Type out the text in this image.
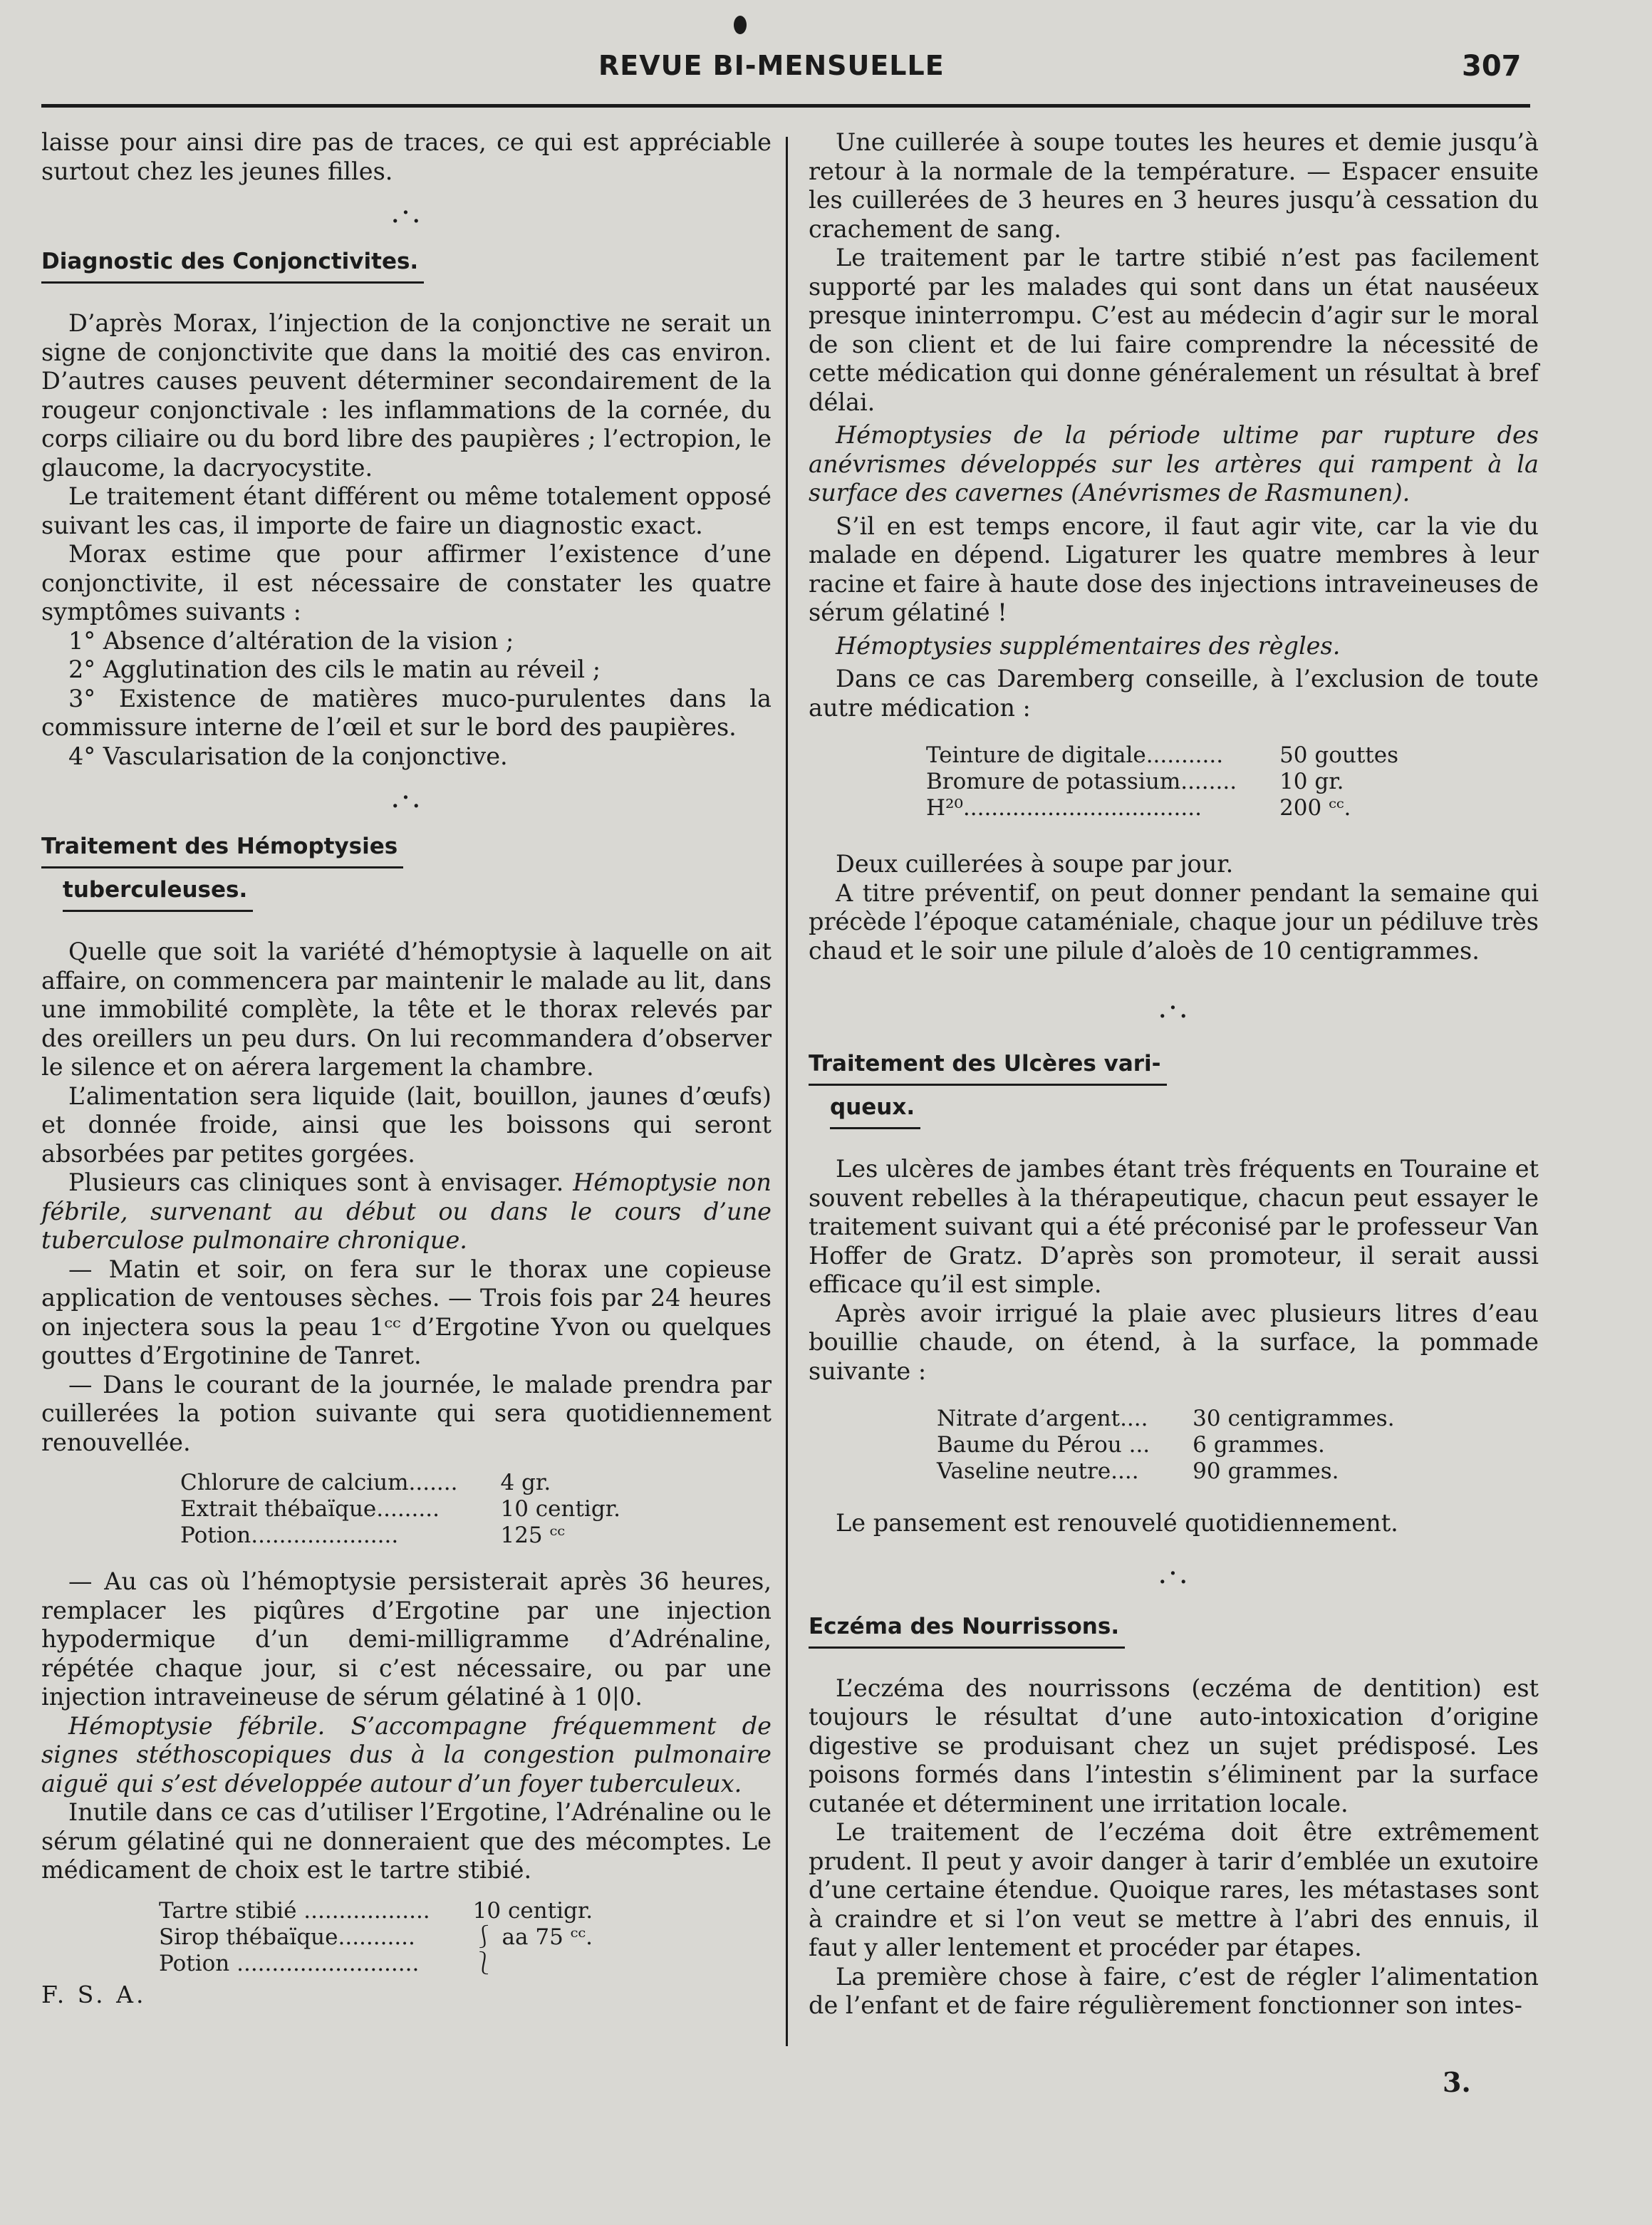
REVUE BI-MENSUELLE	307

laisse pour ainsi dire pas de traces, ce qui est appréciable surtout chez les jeunes filles.

.·.
Diagnostic des Conjonctivites.

D’après Morax, l’injection de la conjonctive ne serait un signe de conjonctivite que dans la moitié des cas environ. D’autres causes peuvent déterminer secondairement de la rougeur conjonctivale : les inflammations de la cornée, du corps ciliaire ou du bord libre des paupières ; l’ectropion, le glaucome, la dacryocystite.

Le traitement étant différent ou même totalement opposé suivant les cas, il importe de faire un diagnostic exact.

Morax estime que pour affirmer l’existence d’une conjonctivite, il est nécessaire de constater les quatre symptômes suivants :

1° Absence d’altération de la vision ;

2° Agglutination des cils le matin au réveil ;

3° Existence de matières muco-purulentes dans la commissure interne de l’œil et sur le bord des paupières.

4° Vascularisation de la conjonctive.

.·.
Traitement des Hémoptysies
tuberculeuses.

Quelle que soit la variété d’hémoptysie à laquelle on ait affaire, on commencera par maintenir le malade au lit, dans une immobilité complète, la tête et le thorax relevés par des oreillers un peu durs. On lui recommandera d’observer le silence et on aérera largement la chambre.

L’alimentation sera liquide (lait, bouillon, jaunes d’œufs) et donnée froide, ainsi que les boissons qui seront absorbées par petites gorgées.

Plusieurs cas cliniques sont à envisager. Hémoptysie non fébrile, survenant au début ou dans le cours d’une tuberculose pulmonaire chronique.

— Matin et soir, on fera sur le thorax une copieuse application de ventouses sèches. — Trois fois par 24 heures on injectera sous la peau 1ᶜᶜ d’Ergotine Yvon ou quelques gouttes d’Ergotinine de Tanret.

— Dans le courant de la journée, le malade prendra par cuillerées la potion suivante qui sera quotidiennement renouvellée.

Chlorure de calcium.......	4 gr.
Extrait thébaïque.........	10 centigr.
Potion.....................	125 ᶜᶜ

— Au cas où l’hémoptysie persisterait après 36 heures, remplacer les piqûres d’Ergotine par une injection hypodermique d’un demi-milligramme d’Adrénaline, répétée chaque jour, si c’est nécessaire, ou par une injection intraveineuse de sérum gélatiné à 1 0|0.

Hémoptysie fébrile. S’accompagne fréquemment de signes stéthoscopiques dus à la congestion pulmonaire aiguë qui s’est développée autour d’un foyer tuberculeux.

Inutile dans ce cas d’utiliser l’Ergotine, l’Adrénaline ou le sérum gélatiné qui ne donneraient que des mécomptes. Le médicament de choix est le tartre stibié.

Tartre stibié ..................	10 centigr.
Sirop thébaïque...........	⎰ aa 75 ᶜᶜ.
Potion ..........................	⎱
F. S. A.

Une cuillerée à soupe toutes les heures et demie jusqu’à retour à la normale de la température. — Espacer ensuite les cuillerées de 3 heures en 3 heures jusqu’à cessation du crachement de sang.

Le traitement par le tartre stibié n’est pas facilement supporté par les malades qui sont dans un état nauséeux presque ininterrompu. C’est au médecin d’agir sur le moral de son client et de lui faire comprendre la nécessité de cette médication qui donne généralement un résultat à bref délai.

Hémoptysies de la période ultime par rupture des anévrismes développés sur les artères qui rampent à la surface des cavernes (Anévrismes de Rasmunen).

S’il en est temps encore, il faut agir vite, car la vie du malade en dépend. Ligaturer les quatre membres à leur racine et faire à haute dose des injections intraveineuses de sérum gélatiné !

Hémoptysies supplémentaires des règles.

Dans ce cas Daremberg conseille, à l’exclusion de toute autre médication :

Teinture de digitale...........	50 gouttes
Bromure de potassium........	10 gr.
H²⁰..................................	200 ᶜᶜ.

Deux cuillerées à soupe par jour.

A titre préventif, on peut donner pendant la semaine qui précède l’époque cataméniale, chaque jour un pédiluve très chaud et le soir une pilule d’aloès de 10 centigrammes.

.·.
Traitement des Ulcères vari-
queux.

Les ulcères de jambes étant très fréquents en Touraine et souvent rebelles à la thérapeutique, chacun peut essayer le traitement suivant qui a été préconisé par le professeur Van Hoffer de Gratz. D’après son promoteur, il serait aussi efficace qu’il est simple.

Après avoir irrigué la plaie avec plusieurs litres d’eau bouillie chaude, on étend, à la surface, la pommade suivante :

Nitrate d’argent....	30 centigrammes.
Baume du Pérou ...	6 grammes.
Vaseline neutre....	90 grammes.

Le pansement est renouvelé quotidiennement.

.·.
Eczéma des Nourrissons.

L’eczéma des nourrissons (eczéma de dentition) est toujours le résultat d’une auto-intoxication d’origine digestive se produisant chez un sujet prédisposé. Les poisons formés dans l’intestin s’éliminent par la surface cutanée et déterminent une irritation locale.

Le traitement de l’eczéma doit être extrêmement prudent. Il peut y avoir danger à tarir d’emblée un exutoire d’une certaine étendue. Quoique rares, les métastases sont à craindre et si l’on veut se mettre à l’abri des ennuis, il faut y aller lentement et procéder par étapes.

La première chose à faire, c’est de régler l’alimentation de l’enfant et de faire régulièrement fonctionner son intes-

3.
